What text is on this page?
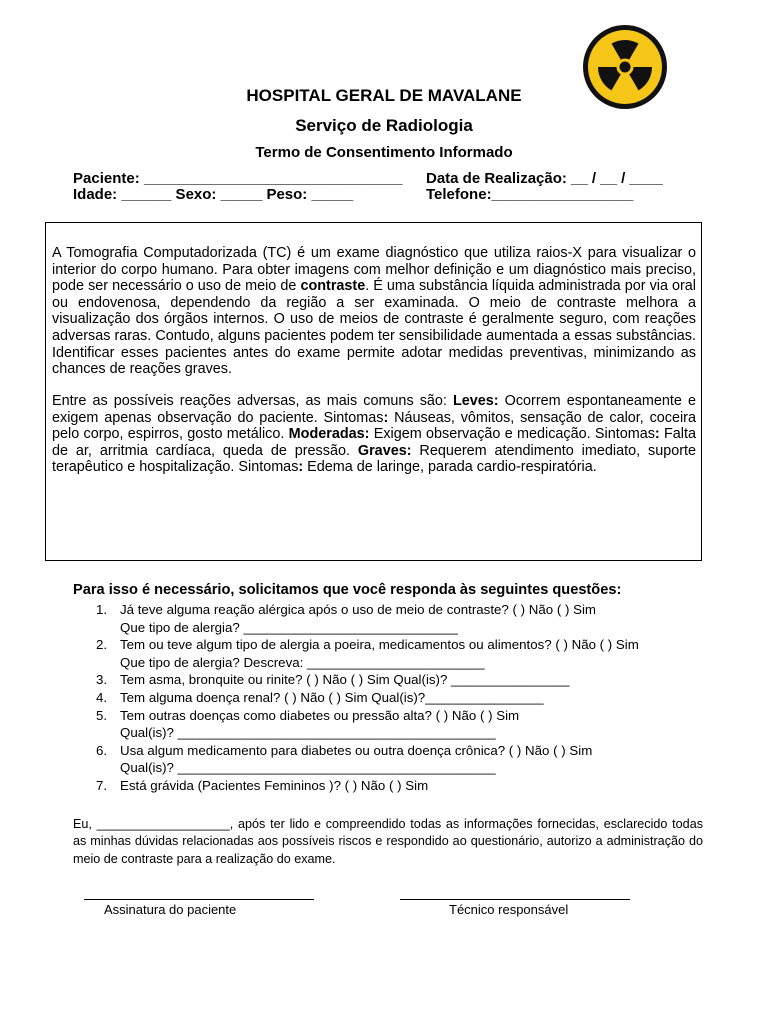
HOSPITAL GERAL DE MAVALANE
Serviço de Radiologia
Termo de Consentimento Informado
Paciente: _______________________________ Data de Realização: __ / __ / ____
Idade: ______ Sexo: _____ Peso: _____	Telefone:_________________
A Tomografia Computadorizada (TC) é um exame diagnóstico que utiliza raios-X para visualizar o interior do corpo humano. Para obter imagens com melhor definição e um diagnóstico mais preciso, pode ser necessário o uso de meio de contraste. É uma substância líquida administrada por via oral ou endovenosa, dependendo da região a ser examinada. O meio de contraste melhora a visualização dos órgãos internos. O uso de meios de contraste é geralmente seguro, com reações adversas raras. Contudo, alguns pacientes podem ter sensibilidade aumentada a essas substâncias. Identificar esses pacientes antes do exame permite adotar medidas preventivas, minimizando as chances de reações graves.
Entre as possíveis reações adversas, as mais comuns são: Leves: Ocorrem espontaneamente e exigem apenas observação do paciente. Sintomas: Náuseas, vômitos, sensação de calor, coceira pelo corpo, espirros, gosto metálico. Moderadas: Exigem observação e medicação. Sintomas: Falta de ar, arritmia cardíaca, queda de pressão. Graves: Requerem atendimento imediato, suporte terapêutico e hospitalização. Sintomas: Edema de laringe, parada cardio-respiratória.
Para isso é necessário, solicitamos que você responda às seguintes questões:
1. Já teve alguma reação alérgica após o uso de meio de contraste? ( ) Não ( ) Sim
Que tipo de alergia? _____________________________
2. Tem ou teve algum tipo de alergia a poeira, medicamentos ou alimentos? ( ) Não ( ) Sim
Que tipo de alergia? Descreva: ________________________
3. Tem asma, bronquite ou rinite? ( ) Não ( ) Sim Qual(is)? ________________
4. Tem alguma doença renal? ( ) Não ( ) Sim Qual(is)?________________
5. Tem outras doenças como diabetes ou pressão alta? ( ) Não ( ) Sim
Qual(is)? ___________________________________________
6. Usa algum medicamento para diabetes ou outra doença crônica? ( ) Não ( ) Sim
Qual(is)? ___________________________________________
7. Está grávida (Pacientes Femininos )? ( ) Não ( ) Sim
Eu, ___________________, após ter lido e compreendido todas as informações fornecidas, esclarecido todas as minhas dúvidas relacionadas aos possíveis riscos e respondido ao questionário, autorizo a administração do meio de contraste para a realização do exame.
Assinatura do paciente	Técnico responsável
